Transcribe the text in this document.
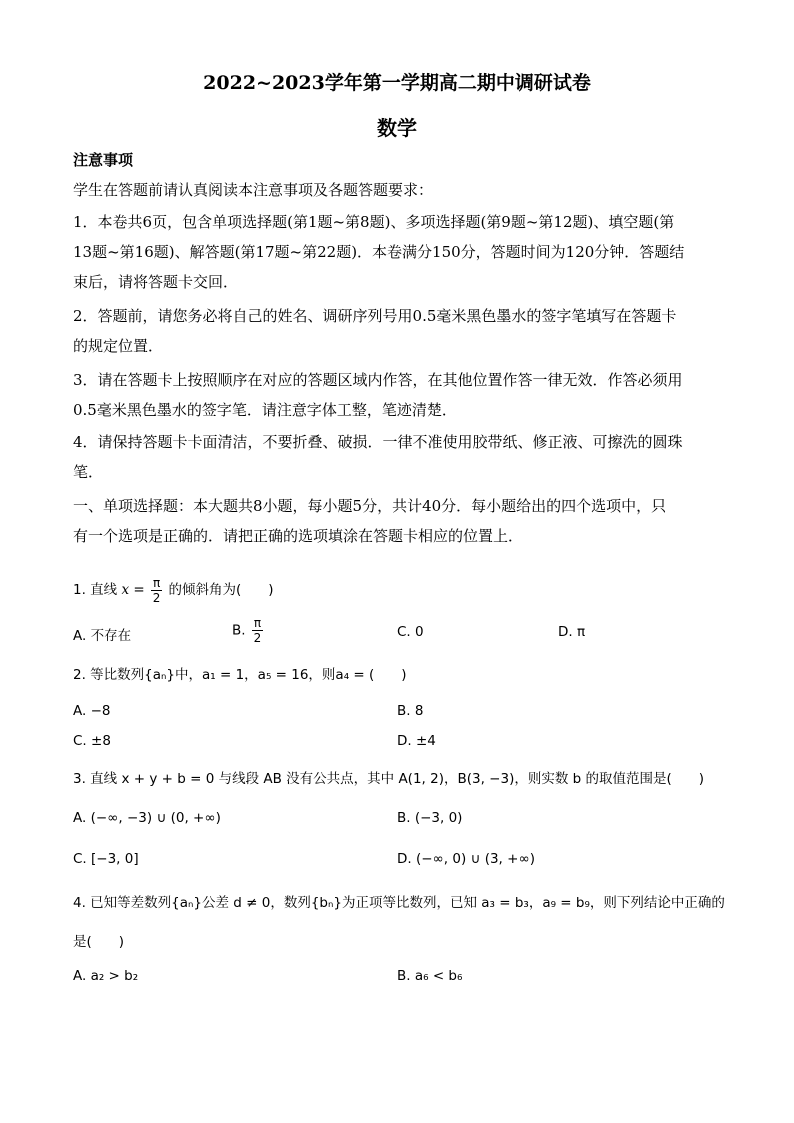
2022~2023学年第一学期高二期中调研试卷
数学
注意事项
学生在答题前请认真阅读本注意事项及各题答题要求：
1．本卷共6页，包含单项选择题(第1题~第8题)、多项选择题(第9题~第12题)、填空题(第
13题~第16题)、解答题(第17题~第22题)．本卷满分150分，答题时间为120分钟．答题结
束后，请将答题卡交回．
2．答题前，请您务必将自己的姓名、调研序列号用0.5毫米黑色墨水的签字笔填写在答题卡
的规定位置．
3．请在答题卡上按照顺序在对应的答题区域内作答，在其他位置作答一律无效．作答必须用
0.5毫米黑色墨水的签字笔．请注意字体工整，笔迹清楚．
4．请保持答题卡卡面清洁，不要折叠、破损．一律不准使用胶带纸、修正液、可擦洗的圆珠
笔．
一、单项选择题：本大题共8小题，每小题5分，共计40分．每小题给出的四个选项中，只
有一个选项是正确的．请把正确的选项填涂在答题卡相应的位置上．
1. 直线 $x = \frac{\pi}{2}$ 的倾斜角为(　　)
A. 不存在	B. $\frac{\pi}{2}$	C. 0	D. π
2. 等比数列{aₙ}中，a₁ = 1，a₅ = 16，则a₄ = (　　)
A. −8	B. 8
C. ±8	D. ±4
3. 直线 x + y + b = 0 与线段 AB 没有公共点，其中 A(1, 2)，B(3, −3)，则实数 b 的取值范围是(　　)
A. (−∞, −3) ∪ (0, +∞)	B. (−3, 0)
C. [−3, 0]	D. (−∞, 0) ∪ (3, +∞)
4. 已知等差数列{aₙ}公差 d ≠ 0，数列{bₙ}为正项等比数列，已知 a₃ = b₃，a₉ = b₉，则下列结论中正确的
是(　　)
A. a₂ > b₂	B. a₆ < b₆
